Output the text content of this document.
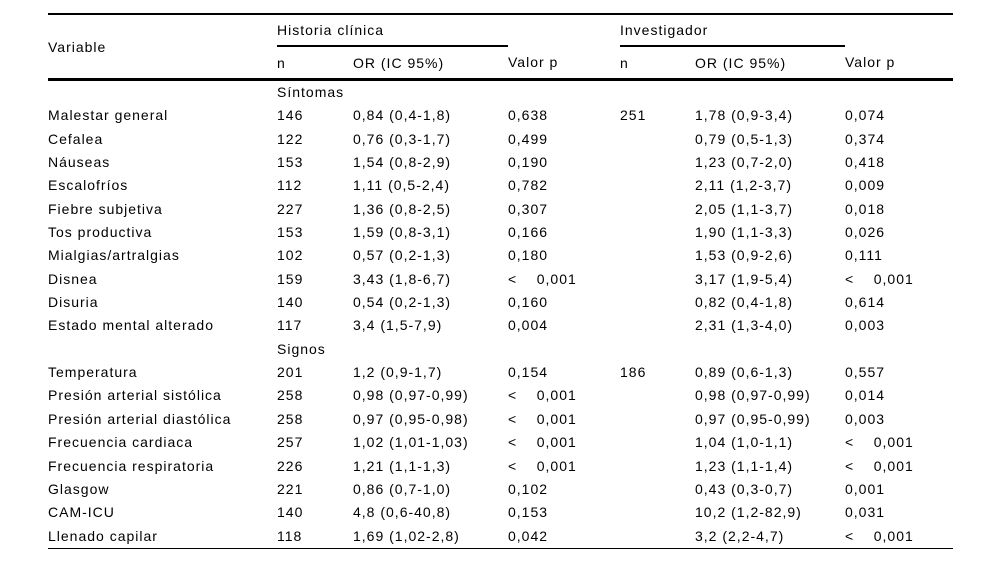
Variable	Historia clínica			Investigador		
	n	OR (IC 95%)	Valor p	n	OR (IC 95%)	Valor p
	Síntomas					
Malestar general	146	0,84 (0,4-1,8)	0,638	251	1,78 (0,9-3,4)	0,074
Cefalea	122	0,76 (0,3-1,7)	0,499		0,79 (0,5-1,3)	0,374
Náuseas	153	1,54 (0,8-2,9)	0,190		1,23 (0,7-2,0)	0,418
Escalofríos	112	1,11 (0,5-2,4)	0,782		2,11 (1,2-3,7)	0,009
Fiebre subjetiva	227	1,36 (0,8-2,5)	0,307		2,05 (1,1-3,7)	0,018
Tos productiva	153	1,59 (0,8-3,1)	0,166		1,90 (1,1-3,3)	0,026
Mialgias/artralgias	102	0,57 (0,2-1,3)	0,180		1,53 (0,9-2,6)	0,111
Disnea	159	3,43 (1,8-6,7)	<    0,001		3,17 (1,9-5,4)	<    0,001
Disuria	140	0,54 (0,2-1,3)	0,160		0,82 (0,4-1,8)	0,614
Estado mental alterado	117	3,4 (1,5-7,9)	0,004		2,31 (1,3-4,0)	0,003
	Signos					
Temperatura	201	1,2 (0,9-1,7)	0,154	186	0,89 (0,6-1,3)	0,557
Presión arterial sistólica	258	0,98 (0,97-0,99)	<    0,001		0,98 (0,97-0,99)	0,014
Presión arterial diastólica	258	0,97 (0,95-0,98)	<    0,001		0,97 (0,95-0,99)	0,003
Frecuencia cardiaca	257	1,02 (1,01-1,03)	<    0,001		1,04 (1,0-1,1)	<    0,001
Frecuencia respiratoria	226	1,21 (1,1-1,3)	<    0,001		1,23 (1,1-1,4)	<    0,001
Glasgow	221	0,86 (0,7-1,0)	0,102		0,43 (0,3-0,7)	0,001
CAM-ICU	140	4,8 (0,6-40,8)	0,153		10,2 (1,2-82,9)	0,031
Llenado capilar	118	1,69 (1,02-2,8)	0,042		3,2 (2,2-4,7)	<    0,001
